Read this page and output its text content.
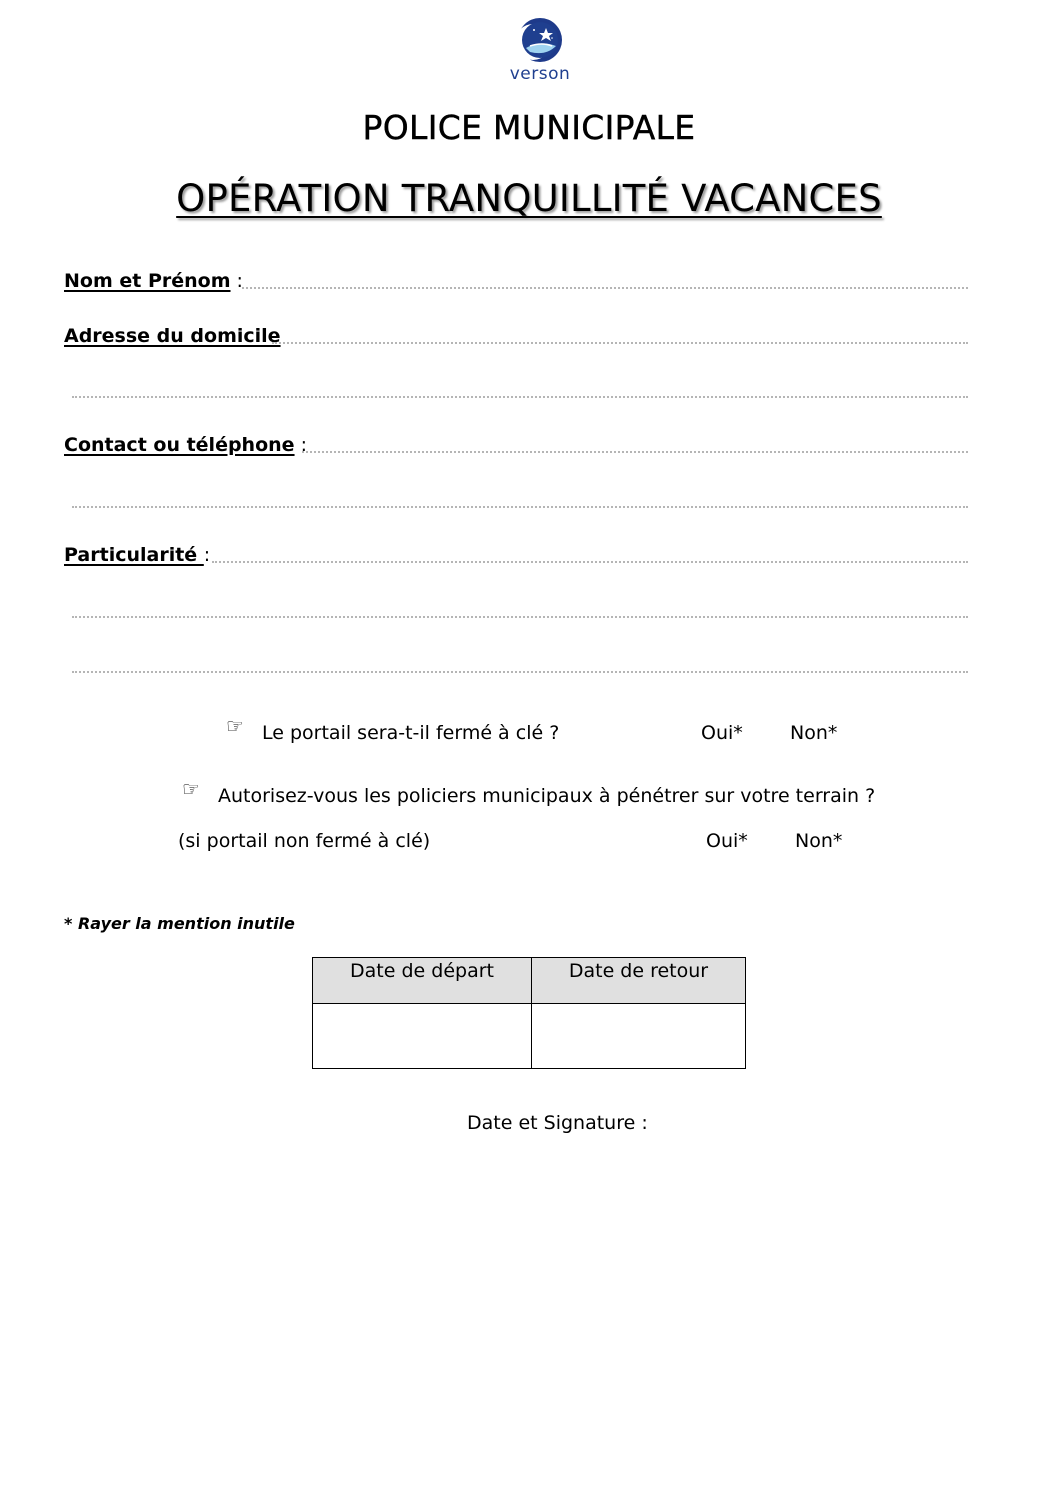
verson
POLICE MUNICIPALE
OPÉRATION TRANQUILLITÉ VACANCES
Nom et Prénom :
Adresse du domicile
Contact ou téléphone :
Particularité :
☞ Le portail sera-t-il fermé à clé ?	Oui* Non*
☞ Autorisez-vous les policiers municipaux à pénétrer sur votre terrain ?
(si portail non fermé à clé)	Oui* Non*
* Rayer la mention inutile
Date de départ	Date de retour

Date et Signature :
